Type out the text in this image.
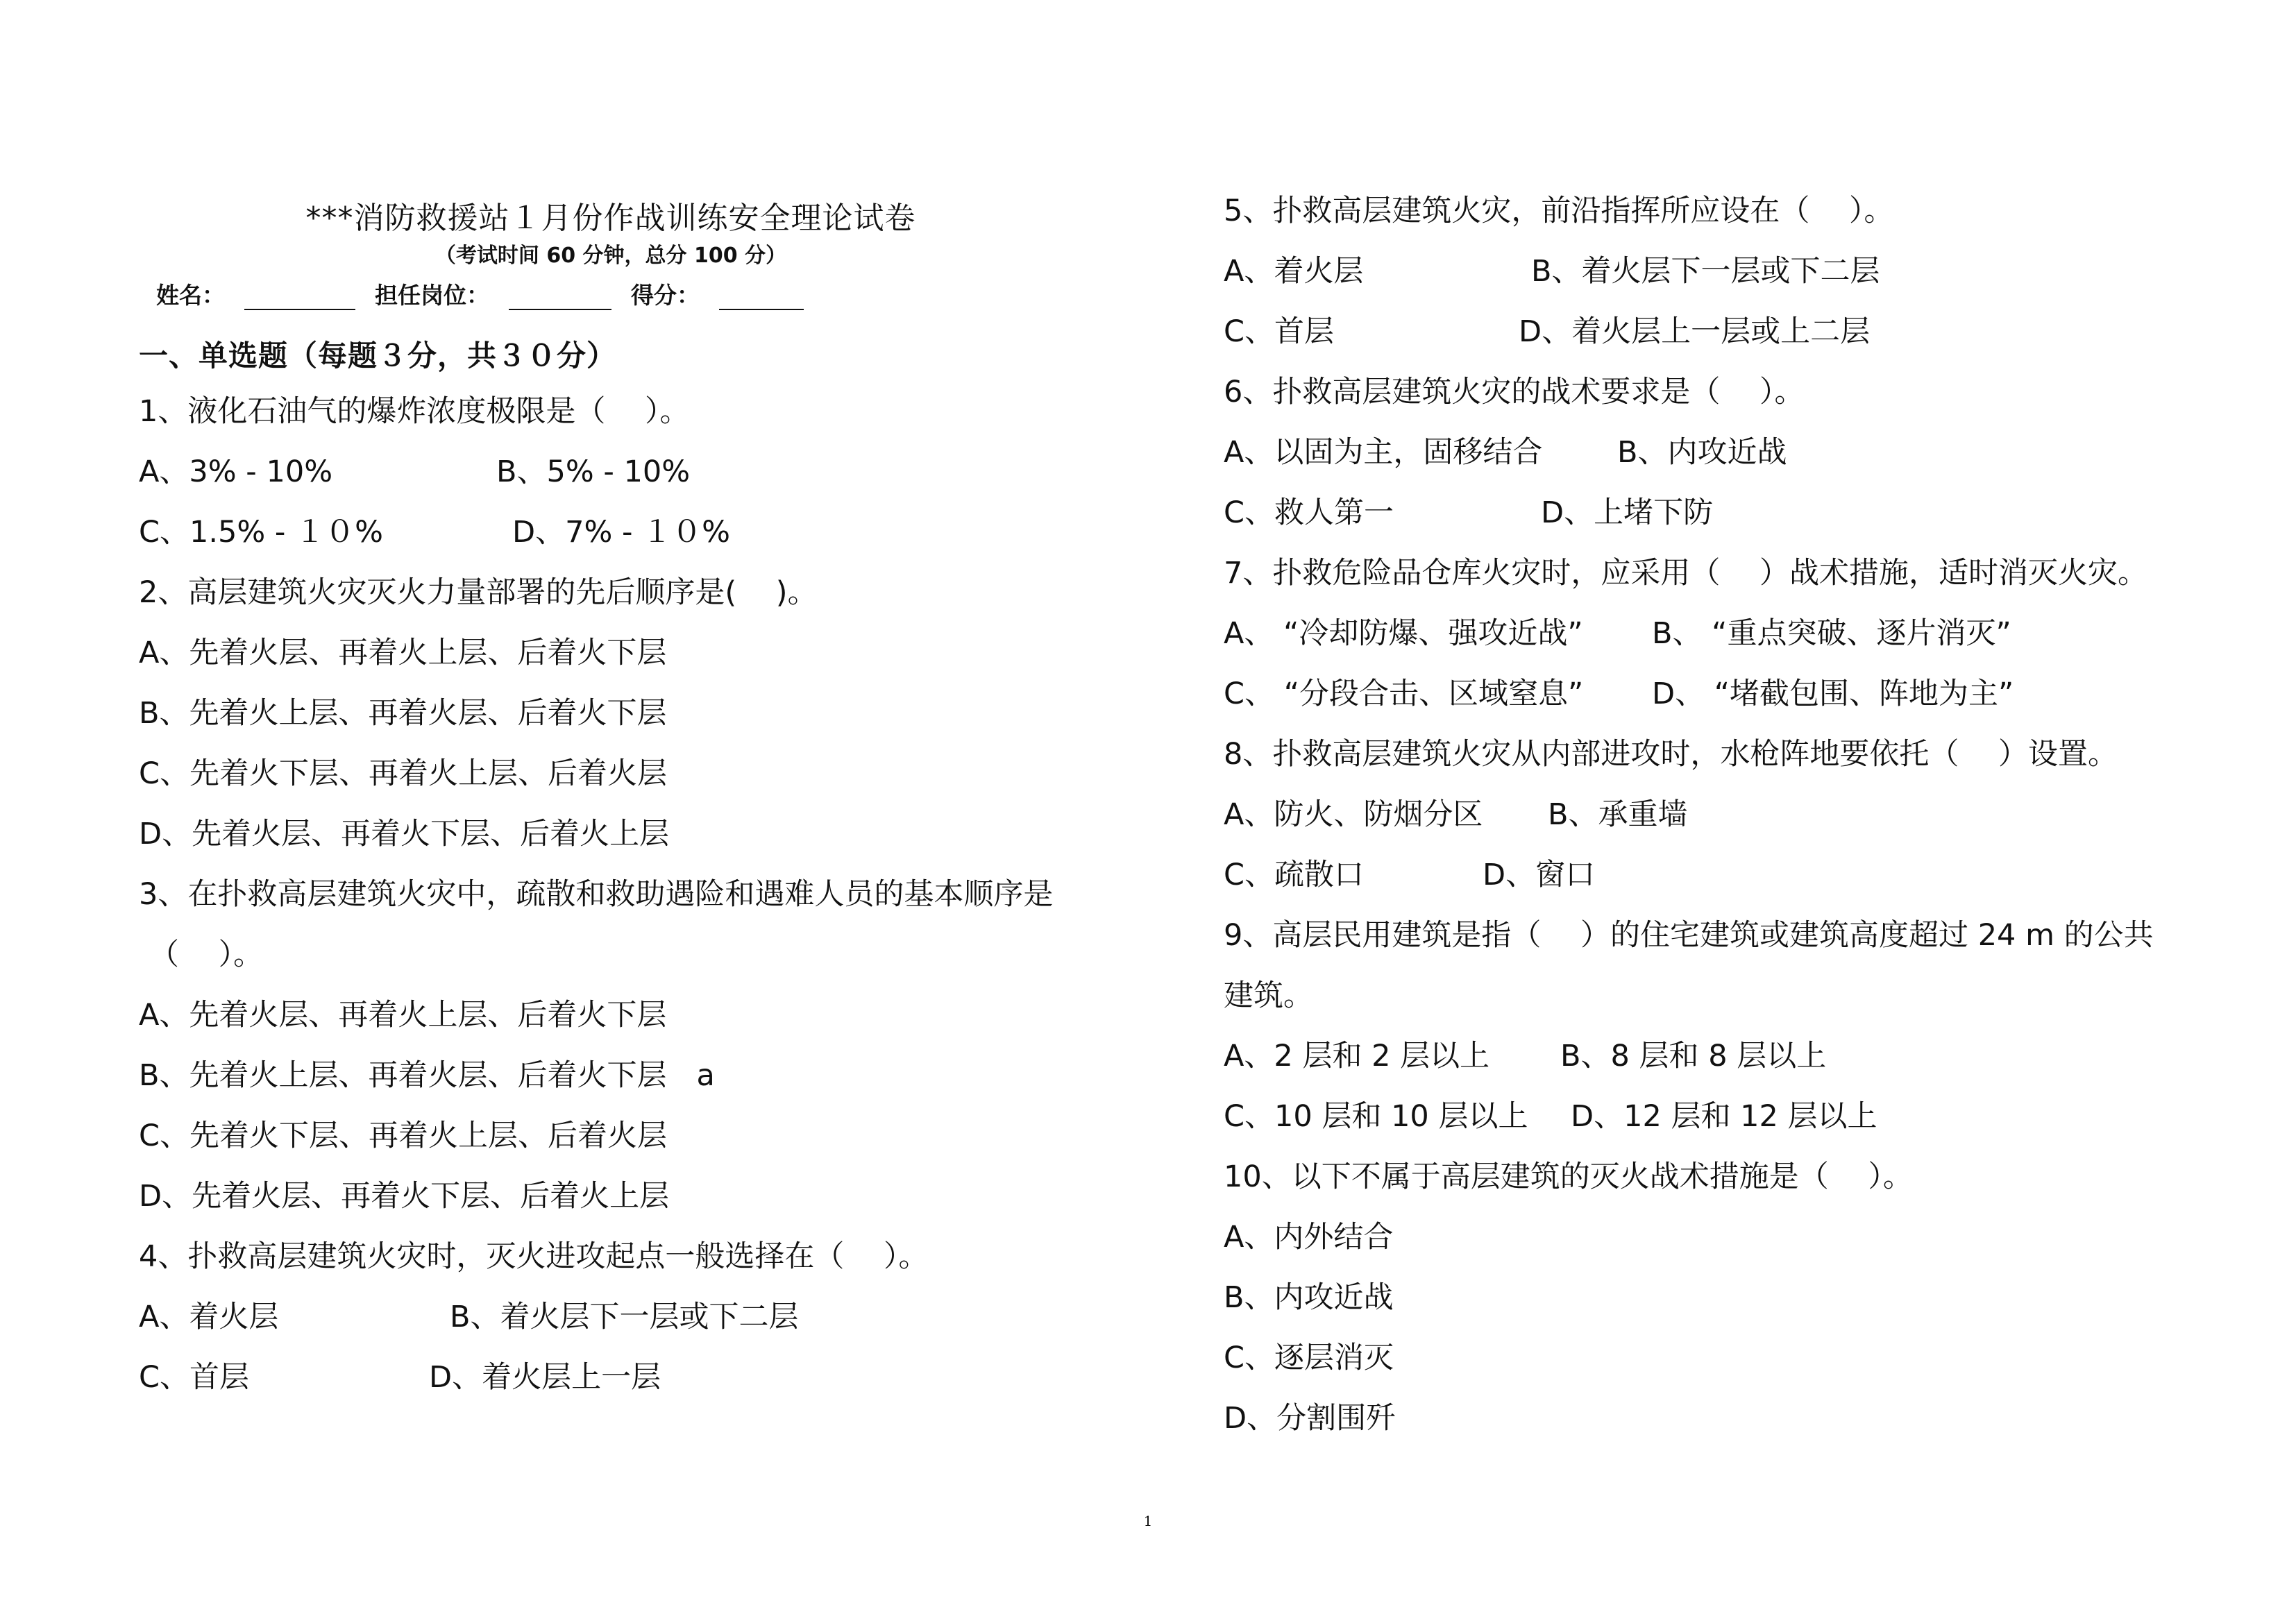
***消防救援站１月份作战训练安全理论试卷
（考试时间 60 分钟，总分 100 分）
姓名：	担任岗位：	得分：
一、单选题（每题３分，共３０分）
1、液化石油气的爆炸浓度极限是（　 ）。
A、3% - 10%	B、5% - 10%
C、1.5% - １０%	D、7% - １０%
2、高层建筑火灾灭火力量部署的先后顺序是(　 )。
A、先着火层、再着火上层、后着火下层
B、先着火上层、再着火层、后着火下层
C、先着火下层、再着火上层、后着火层
D、先着火层、再着火下层、后着火上层
3、在扑救高层建筑火灾中，疏散和救助遇险和遇难人员的基本顺序是
（　 ）。
A、先着火层、再着火上层、后着火下层
B、先着火上层、再着火层、后着火下层　a
C、先着火下层、再着火上层、后着火层
D、先着火层、再着火下层、后着火上层
4、扑救高层建筑火灾时，灭火进攻起点一般选择在（　 ）。
A、着火层	B、着火层下一层或下二层
C、首层	D、着火层上一层
5、扑救高层建筑火灾，前沿指挥所应设在（　 ）。
A、着火层	B、着火层下一层或下二层
C、首层	D、着火层上一层或上二层
6、扑救高层建筑火灾的战术要求是（　 ）。
A、以固为主，固移结合	B、内攻近战
C、救人第一	D、上堵下防
7、扑救危险品仓库火灾时，应采用（　 ）战术措施，适时消灭火灾。
A、 “冷却防爆、强攻近战” B、 “重点突破、逐片消灭”
C、 “分段合击、区域窒息” D、 “堵截包围、阵地为主”
8、扑救高层建筑火灾从内部进攻时，水枪阵地要依托（　 ）设置。
A、防火、防烟分区 B、承重墙
C、疏散口	D、窗口
9、高层民用建筑是指（　 ）的住宅建筑或建筑高度超过 24 m 的公共
建筑。
A、2 层和 2 层以上 B、8 层和 8 层以上
C、10 层和 10 层以上 D、12 层和 12 层以上
10、以下不属于高层建筑的灭火战术措施是（　 ）。
A、内外结合
B、内攻近战
C、逐层消灭
D、分割围歼
1
